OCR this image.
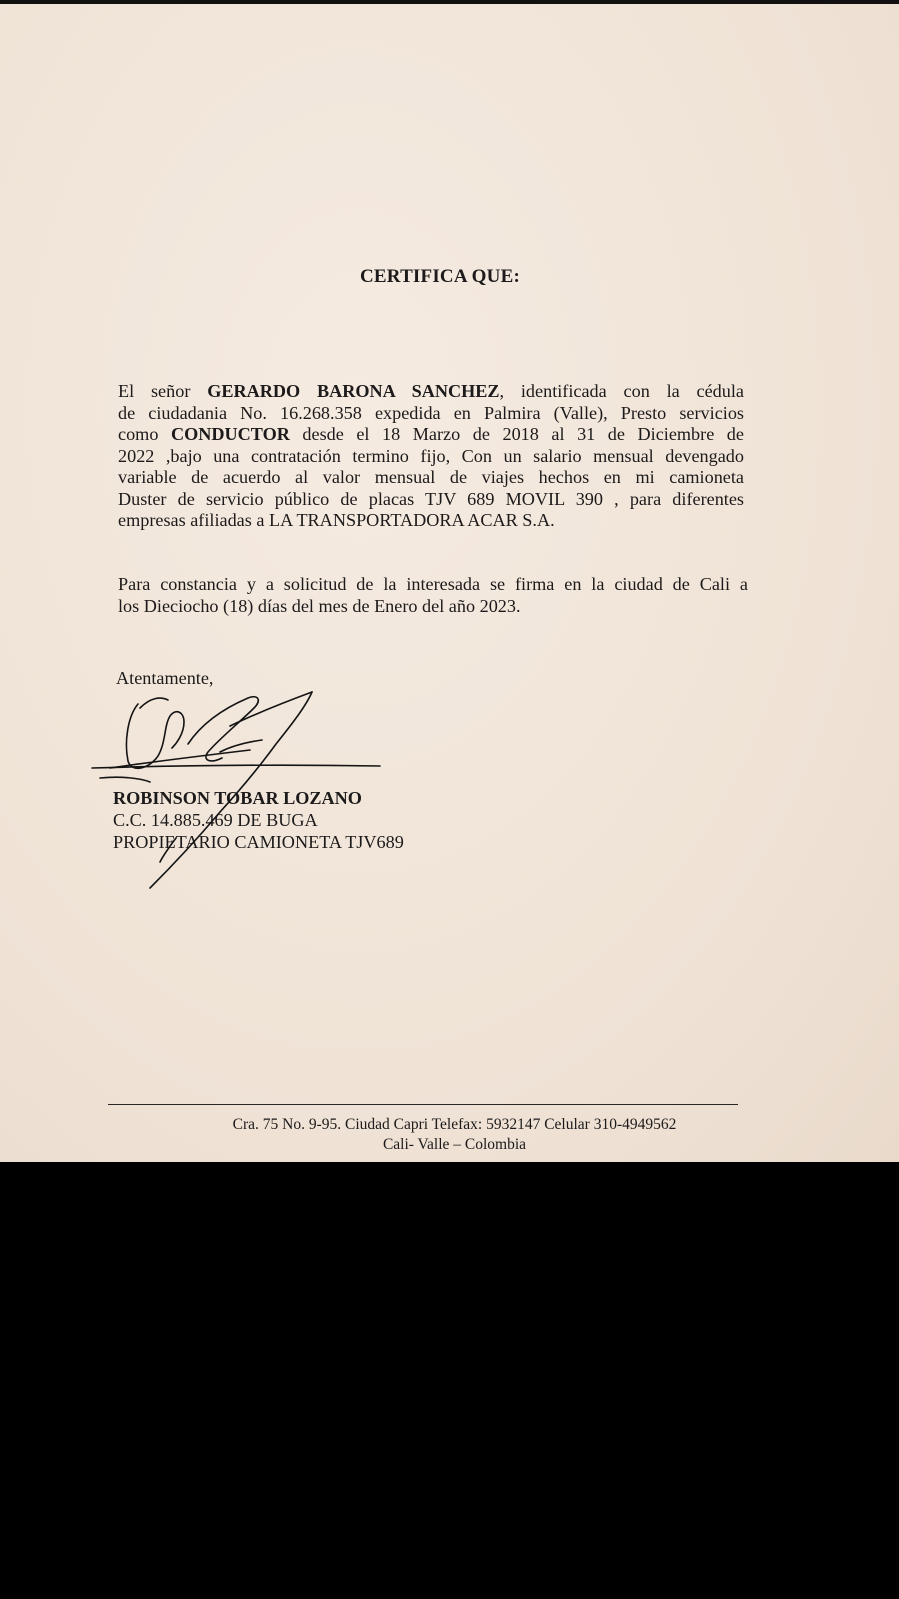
CERTIFICA QUE:
El señor GERARDO BARONA SANCHEZ, identificada con la cédula
de ciudadania No. 16.268.358 expedida en Palmira (Valle), Presto servicios
como CONDUCTOR desde el 18 Marzo de 2018 al 31 de Diciembre de
2022 ,bajo una contratación termino fijo, Con un salario mensual devengado
variable de acuerdo al valor mensual de viajes hechos en mi camioneta
Duster de servicio público de placas TJV 689 MOVIL 390 , para diferentes
empresas afiliadas a LA TRANSPORTADORA ACAR S.A.
Para constancia y a solicitud de la interesada se firma en la ciudad de Cali a
los Dieciocho (18) días del mes de Enero del año 2023.
Atentamente,
ROBINSON TOBAR LOZANO
C.C. 14.885.469 DE BUGA
PROPIETARIO CAMIONETA TJV689
Cra. 75 No. 9-95. Ciudad Capri Telefax: 5932147 Celular 310-4949562
Cali- Valle – Colombia
